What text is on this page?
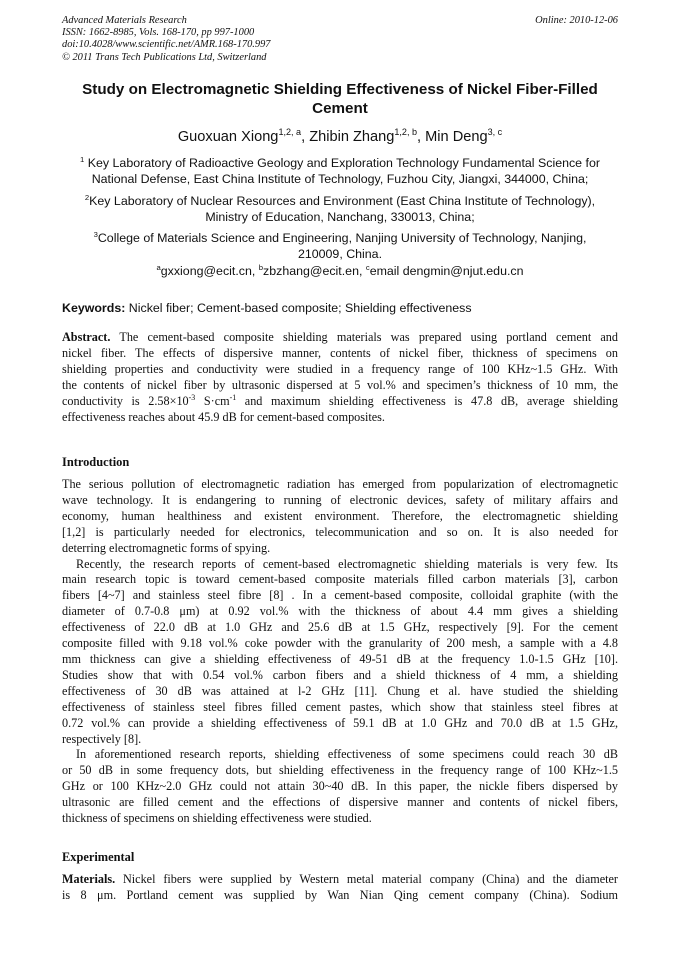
Advanced Materials Research
ISSN: 1662-8985, Vols. 168-170, pp 997-1000
doi:10.4028/www.scientific.net/AMR.168-170.997
© 2011 Trans Tech Publications Ltd, Switzerland
Online: 2010-12-06
Study on Electromagnetic Shielding Effectiveness of Nickel Fiber-Filled
Cement
Guoxuan Xiong$^{1,2, a}$, Zhibin Zhang$^{1,2, b}$, Min Deng$^{3, c}$
$^1$ Key Laboratory of Radioactive Geology and Exploration Technology Fundamental Science for
National Defense, East China Institute of Technology, Fuzhou City, Jiangxi, 344000, China;
$^2$Key Laboratory of Nuclear Resources and Environment (East China Institute of Technology),
Ministry of Education, Nanchang, 330013, China;
$^3$College of Materials Science and Engineering, Nanjing University of Technology, Nanjing,
210009, China.
$^a$gxxiong@ecit.cn, $^b$zbzhang@ecit.en, $^c$email dengmin@njut.edu.cn
Keywords: Nickel fiber; Cement-based composite; Shielding effectiveness
Abstract. The cement-based composite shielding materials was prepared using portland cement and
nickel fiber. The effects of dispersive manner, contents of nickel fiber, thickness of specimens on
shielding properties and conductivity were studied in a frequency range of 100 KHz~1.5 GHz. With
the contents of nickel fiber by ultrasonic dispersed at 5 vol.% and specimen’s thickness of 10 mm, the
conductivity is $2.58\times 10^{-3}$ $S\cdot cm^{-1}$ and maximum shielding effectiveness is 47.8 dB, average shielding
effectiveness reaches about 45.9 dB for cement-based composites.
Introduction
The serious pollution of electromagnetic radiation has emerged from popularization of electromagnetic
wave technology. It is endangering to running of electronic devices, safety of military affairs and
economy, human healthiness and existent environment. Therefore, the electromagnetic shielding
[1,2] is particularly needed for electronics, telecommunication and so on. It is also needed for
deterring electromagnetic forms of spying.
Recently, the research reports of cement-based electromagnetic shielding materials is very few. Its
main research topic is toward cement-based composite materials filled carbon materials [3], carbon
fibers [4~7] and stainless steel fibre [8] . In a cement-based composite, colloidal graphite (with the
diameter of 0.7-0.8 μm) at 0.92 vol.% with the thickness of about 4.4 mm gives a shielding
effectiveness of 22.0 dB at 1.0 GHz and 25.6 dB at 1.5 GHz, respectively [9]. For the cement
composite filled with 9.18 vol.% coke powder with the granularity of 200 mesh, a sample with a 4.8
mm thickness can give a shielding effectiveness of 49-51 dB at the frequency 1.0-1.5 GHz [10].
Studies show that with 0.54 vol.% carbon fibers and a shield thickness of 4 mm, a shielding
effectiveness of 30 dB was attained at l-2 GHz [11]. Chung et al. have studied the shielding
effectiveness of stainless steel fibres filled cement pastes, which show that stainless steel fibres at
0.72 vol.% can provide a shielding effectiveness of 59.1 dB at 1.0 GHz and 70.0 dB at 1.5 GHz,
respectively [8].
In aforementioned research reports, shielding effectiveness of some specimens could reach 30 dB
or 50 dB in some frequency dots, but shielding effectiveness in the frequency range of 100 KHz~1.5
GHz or 100 KHz~2.0 GHz could not attain 30~40 dB. In this paper, the nickle fibers dispersed by
ultrasonic are filled cement and the effections of dispersive manner and contents of nickel fibers,
thickness of specimens on shielding effectiveness were studied.
Experimental
Materials. Nickel fibers were supplied by Western metal material company (China) and the diameter
is 8 μm. Portland cement was supplied by Wan Nian Qing cement company (China). Sodium
